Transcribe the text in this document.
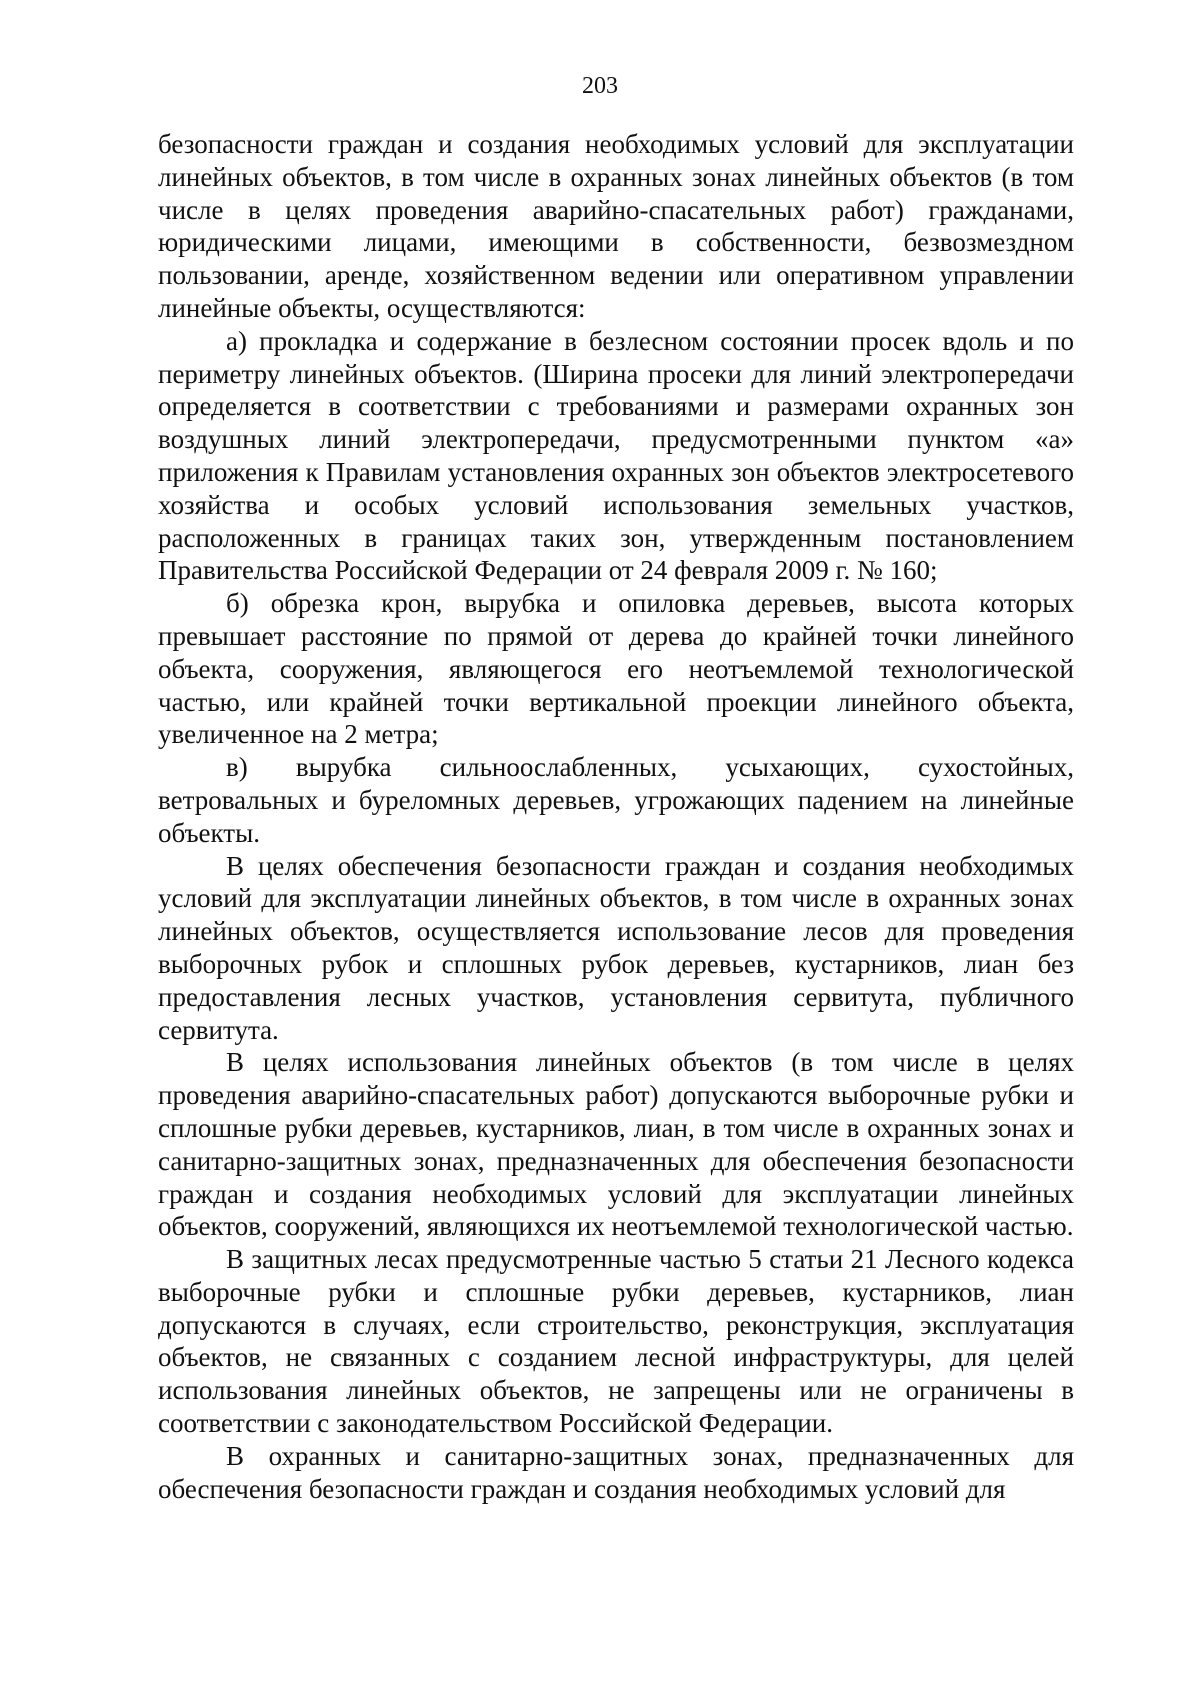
203

безопасности граждан и создания необходимых условий для эксплуатации линейных объектов, в том числе в охранных зонах линейных объектов (в том числе в целях проведения аварийно-спасательных работ) гражданами, юридическими лицами, имеющими в собственности, безвозмездном пользовании, аренде, хозяйственном ведении или оперативном управлении линейные объекты, осуществляются:

а) прокладка и содержание в безлесном состоянии просек вдоль и по периметру линейных объектов. (Ширина просеки для линий электропередачи определяется в соответствии с требованиями и размерами охранных зон воздушных линий электропередачи, предусмотренными пунктом «а» приложения к Правилам установления охранных зон объектов электросетевого хозяйства и особых условий использования земельных участков, расположенных в границах таких зон, утвержденным постановлением Правительства Российской Федерации от 24 февраля 2009 г. № 160;

б) обрезка крон, вырубка и опиловка деревьев, высота которых превышает расстояние по прямой от дерева до крайней точки линейного объекта, сооружения, являющегося его неотъемлемой технологической частью, или крайней точки вертикальной проекции линейного объекта, увеличенное на 2 метра;

в) вырубка сильноослабленных, усыхающих, сухостойных, ветровальных и буреломных деревьев, угрожающих падением на линейные объекты.

В целях обеспечения безопасности граждан и создания необходимых условий для эксплуатации линейных объектов, в том числе в охранных зонах линейных объектов, осуществляется использование лесов для проведения выборочных рубок и сплошных рубок деревьев, кустарников, лиан без предоставления лесных участков, установления сервитута, публичного сервитута.

В целях использования линейных объектов (в том числе в целях проведения аварийно-спасательных работ) допускаются выборочные рубки и сплошные рубки деревьев, кустарников, лиан, в том числе в охранных зонах и санитарно-защитных зонах, предназначенных для обеспечения безопасности граждан и создания необходимых условий для эксплуатации линейных объектов, сооружений, являющихся их неотъемлемой технологической частью.

В защитных лесах предусмотренные частью 5 статьи 21 Лесного кодекса выборочные рубки и сплошные рубки деревьев, кустарников, лиан допускаются в случаях, если строительство, реконструкция, эксплуатация объектов, не связанных с созданием лесной инфраструктуры, для целей использования линейных объектов, не запрещены или не ограничены в соответствии с законодательством Российской Федерации.

В охранных и санитарно-защитных зонах, предназначенных для обеспечения безопасности граждан и создания необходимых условий для
